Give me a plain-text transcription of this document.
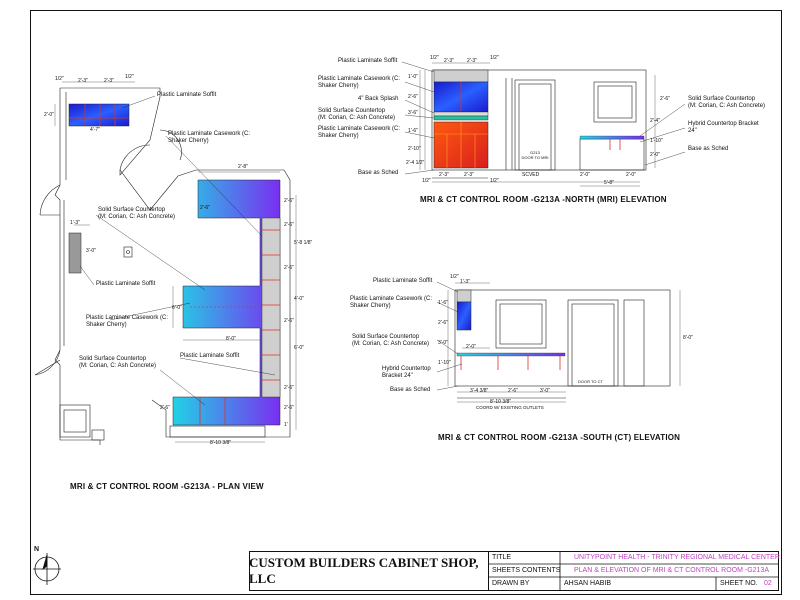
1/2"	2'-3"	2'-3"
1/2"
2'-0"
4'-7"
2'-8"
1'-3"
3'-0"
2'-6"
6'-0"
8'-0"
2'-6"
8'-10 3/8"
2'-6"
2'-6"
5'-8 1/8"
2'-6"
4'-0"
2'-6"
6'-0"
2'-6"
2'-6"
1'
Plastic Laminate Soffit
Plastic Laminate Casework (C:
Shaker Cherry)
Solid Surface Countertop
(M: Corian, C: Ash Concrete)
Plastic Laminate Soffit
Plastic Laminate Casework (C:
Shaker Cherry)
Solid Surface Countertop
(M: Corian, C: Ash Concrete)
Plastic Laminate Soffit
MRI & CT CONTROL ROOM -G213A - PLAN VIEW
1/2" 2'-3"	2'-3"	1/2"
1/2"
2'-3"	2'-3"
1/2"
SCVED	2'-0"	2'-0"
5'-8"
1'-0"
2'-6"
3'-6"
1'-6"
2'-10"
2'-4 1/2"
2'-6"
2'-4"
1'-10"
2'-0"
Plastic Laminate Soffit
Plastic Laminate Casework (C:
Shaker Cherry)
4" Back Splash
Solid Surface Countertop
(M: Corian, C: Ash Concrete)
Plastic Laminate Casework (C:
Shaker Cherry)
Base as Sched
Solid Surface Countertop
(M: Corian, C: Ash Concrete)
Hybrid Countertop Bracket
24"
Base as Sched
G213
DOOR TO MRI
MRI & CT CONTROL ROOM -G213A -NORTH (MRI) ELEVATION
1/2"
1'-3"
2'-0"
3'-4 3/8"	2'-6"	3'-0"
8'-10 3/8"
COORD W/ EXISTING OUTLETS
1'-6"
2'-6"
3'-0"
1'-10"
8'-0"
Plastic Laminate Soffit
Plastic Laminate Casework (C:
Shaker Cherry)
Solid Surface Countertop
(M: Corian, C: Ash Concrete)
Hybrid Countertop
Bracket 24"
Base as Sched
DOOR TO CT
MRI & CT CONTROL ROOM -G213A -SOUTH (CT) ELEVATION
N
CUSTOM BUILDERS CABINET SHOP, LLC
TITLE	UNITYPOINT HEALTH - TRINITY REGIONAL MEDICAL CENTER
SHEETS CONTENTS PLAN & ELEVATION OF MRI & CT CONTROL ROOM -G213A
DRAWN BY	AHSAN HABIB	SHEET NO. 02
